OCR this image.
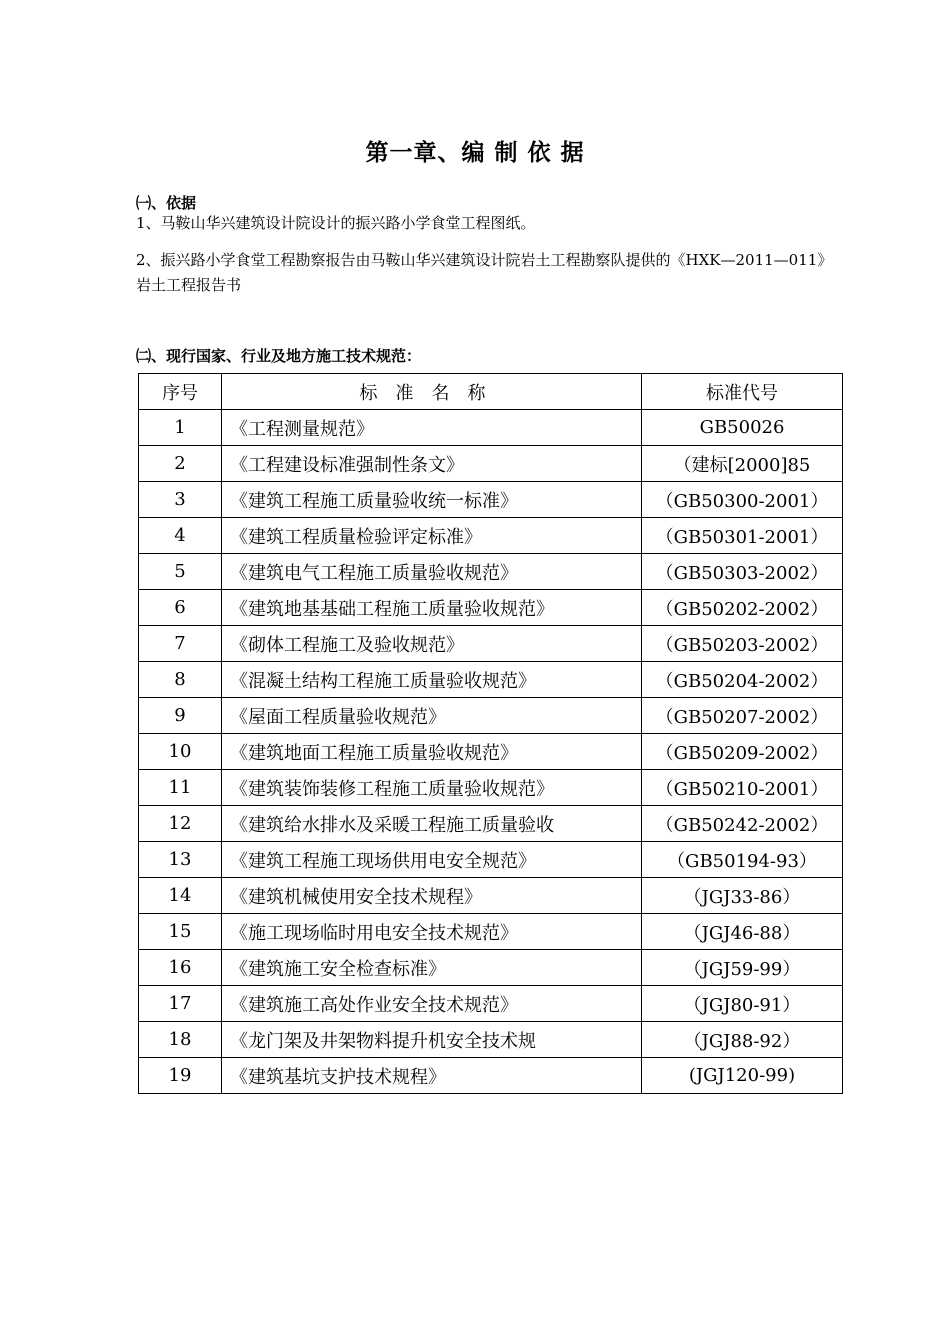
第一章、编 制 依 据
㈠、依据
1、马鞍山华兴建筑设计院设计的振兴路小学食堂工程图纸。
2、振兴路小学食堂工程勘察报告由马鞍山华兴建筑设计院岩土工程勘察队提供的《HXK—2011—011》岩土工程报告书
㈡、现行国家、行业及地方施工技术规范：
序号	标准名称	标准代号
1	《工程测量规范》	GB50026
2	《工程建设标准强制性条文》	（建标[2000]85
3	《建筑工程施工质量验收统一标准》	（GB50300-2001）
4	《建筑工程质量检验评定标准》	（GB50301-2001）
5	《建筑电气工程施工质量验收规范》	（GB50303-2002）
6	《建筑地基基础工程施工质量验收规范》	（GB50202-2002）
7	《砌体工程施工及验收规范》	（GB50203-2002）
8	《混凝土结构工程施工质量验收规范》	（GB50204-2002）
9	《屋面工程质量验收规范》	（GB50207-2002）
10	《建筑地面工程施工质量验收规范》	（GB50209-2002）
11	《建筑装饰装修工程施工质量验收规范》	（GB50210-2001）
12	《建筑给水排水及采暖工程施工质量验收	（GB50242-2002）
13	《建筑工程施工现场供用电安全规范》	（GB50194-93）
14	《建筑机械使用安全技术规程》	（JGJ33-86）
15	《施工现场临时用电安全技术规范》	（JGJ46-88）
16	《建筑施工安全检查标准》	（JGJ59-99）
17	《建筑施工高处作业安全技术规范》	（JGJ80-91）
18	《龙门架及井架物料提升机安全技术规	（JGJ88-92）
19	《建筑基坑支护技术规程》	(JGJ120-99)
